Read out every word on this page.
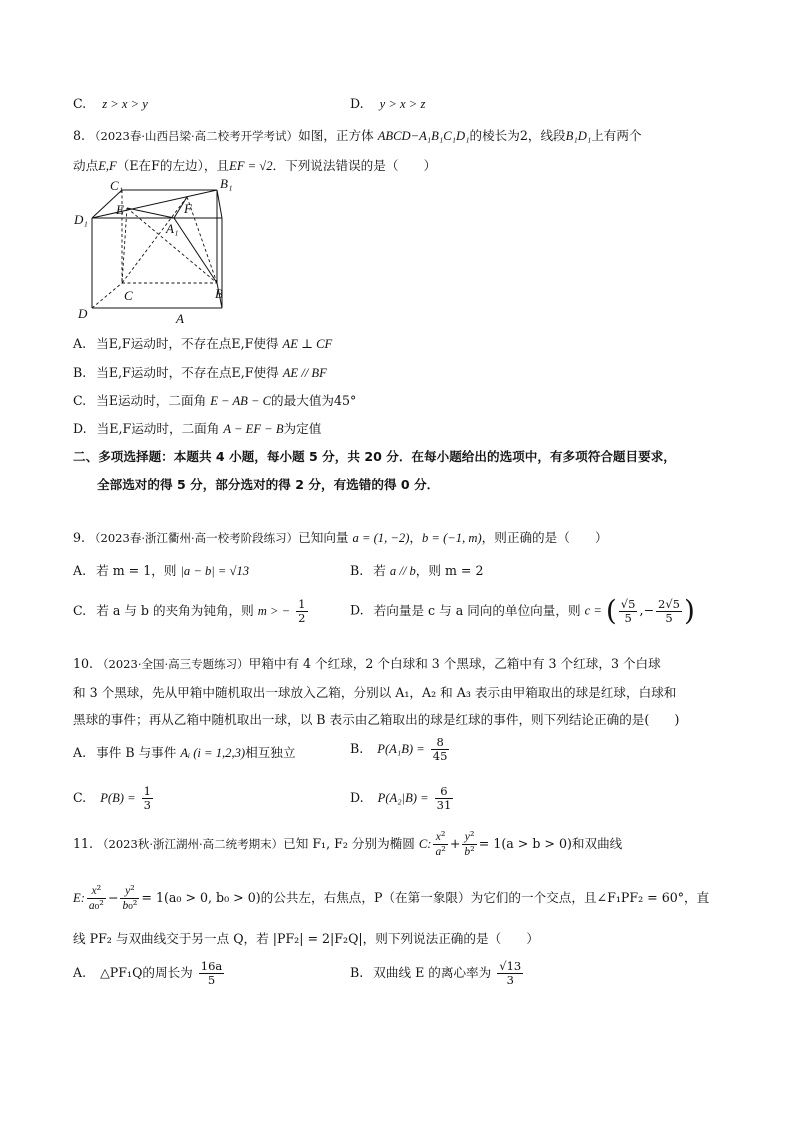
C. z > x > y	D. y > x > z
8. （2023春·山西吕梁·高二校考开学考试）如图，正方体 ABCD−A₁B₁C₁D₁的棱长为2，线段B₁D₁上有两个
动点E,F（E在F的左边），且EF = √2．下列说法错误的是（　　）
C₁	B₁
D₁
E	F
A₁
D
C	B
A
A. 当E,F运动时，不存在点E,F使得 AE ⊥ CF
B. 当E,F运动时，不存在点E,F使得 AE // BF
C. 当E运动时，二面角 E − AB − C的最大值为45°
D. 当E,F运动时，二面角 A − EF − B为定值
二、多项选择题：本题共 4 小题，每小题 5 分，共 20 分．在每小题给出的选项中，有多项符合题目要求，
全部选对的得 5 分，部分选对的得 2 分，有选错的得 0 分．
9. （2023春·浙江衢州·高一校考阶段练习）已知向量 a = (1, −2)，b = (−1, m)，则正确的是（　　）
A. 若 m = 1，则 |a − b| = √13	B. 若 a // b，则 m = 2
C. 若 a 与 b 的夹角为钝角，则 m > − $\frac{1}{2}$	D. 若向量是 c 与 a 同向的单位向量，则 c = ( $\frac{√5}{5}$ ,− $\frac{2√5}{5}$ )
10. （2023·全国·高三专题练习）甲箱中有 4 个红球，2 个白球和 3 个黑球，乙箱中有 3 个红球，3 个白球
和 3 个黑球，先从甲箱中随机取出一球放入乙箱，分别以 A₁，A₂ 和 A₃ 表示由甲箱取出的球是红球，白球和
黑球的事件；再从乙箱中随机取出一球，以 B 表示由乙箱取出的球是红球的事件，则下列结论正确的是(　　)
A. 事件 B 与事件 Aᵢ (i = 1,2,3)相互独立	B. $P(A_1B) = \frac{8}{45}$
C. $P(B) = \frac{1}{3}$	D. $P(A_2|B) = \frac{6}{31}$
11. （2023秋·浙江湖州·高二统考期末）已知 F₁, F₂ 分别为椭圆 C: $\frac{\text{x²}}{\text{a²}} + \frac{\text{y²}}{\text{b²}} = 1(a > b > 0)$和双曲线
E: $\frac{\text{x²}}{\text{a₀²}} - \frac{\text{y²}}{\text{b₀²}} = 1(a_0 > 0$, b₀ > 0)的公共左，右焦点，P（在第一象限）为它们的一个交点，且∠F₁PF₂ = 60°，直
线 PF₂ 与双曲线交于另一点 Q，若 |PF₂| = 2|F₂Q|，则下列说法正确的是（　　）
A. △PF₁Q的周长为 $\frac{16a}{5}$	B. 双曲线 E 的离心率为 $\frac{√13}{3}$
